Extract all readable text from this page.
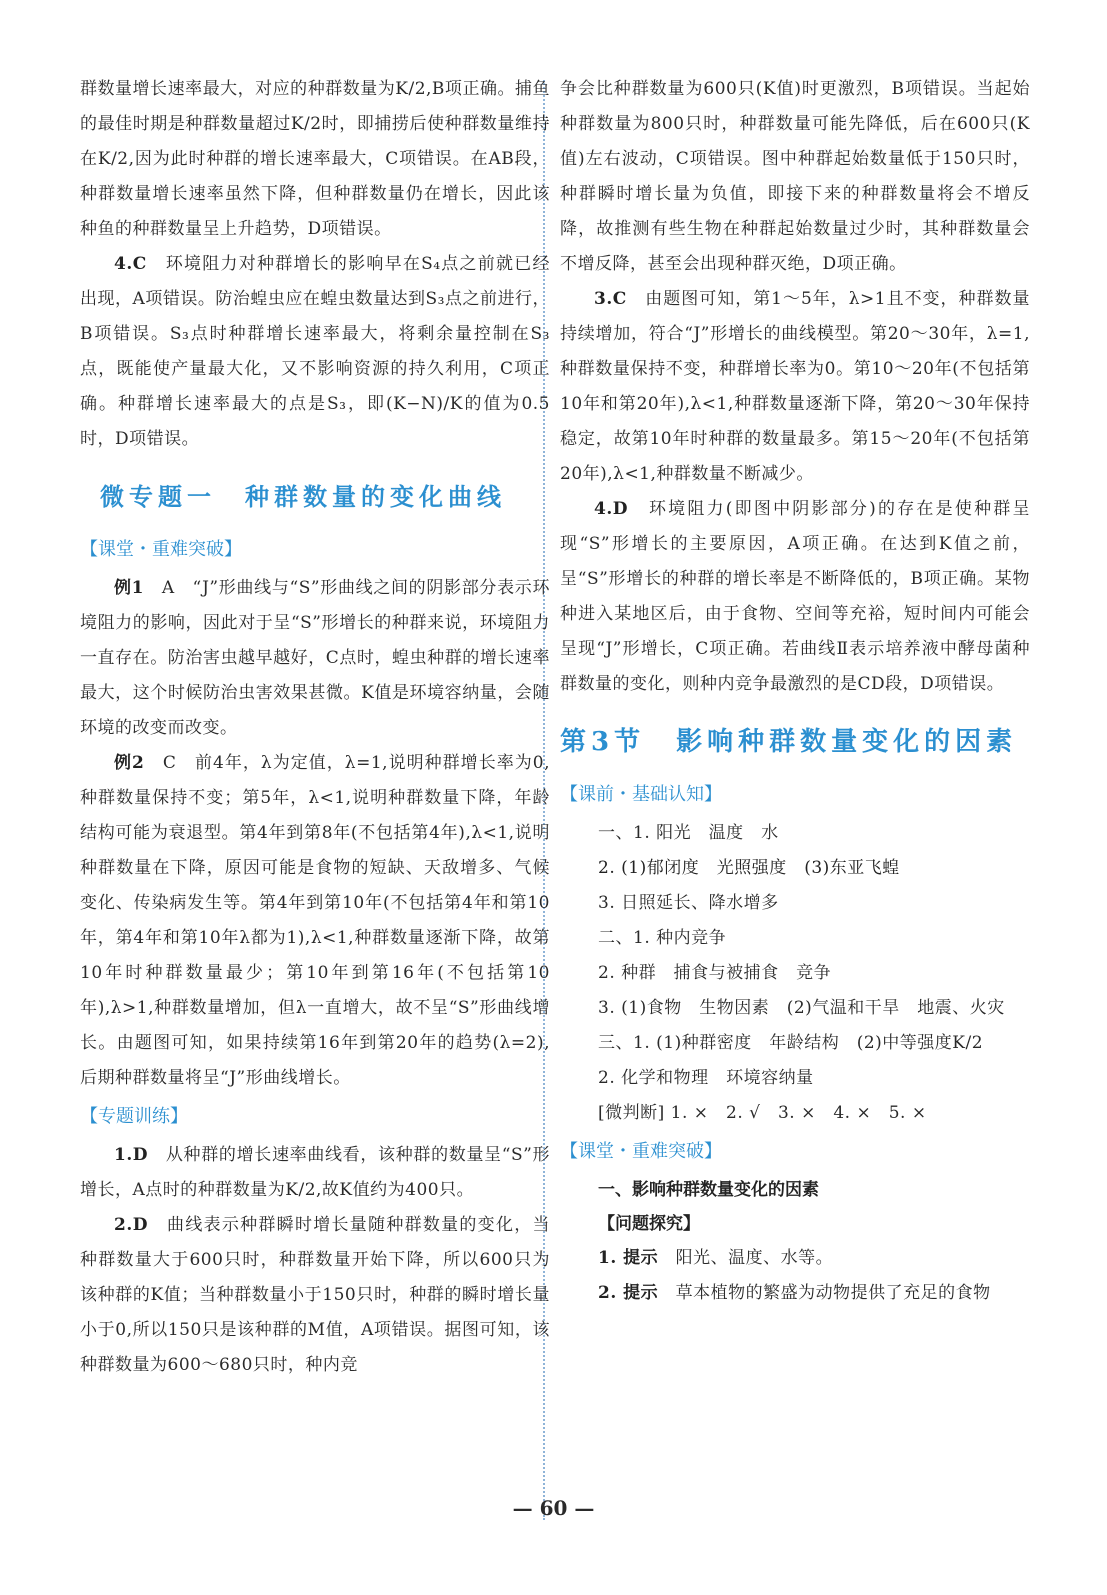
群数量增长速率最大，对应的种群数量为K/2,B项正确。捕鱼的最佳时期是种群数量超过K/2时，即捕捞后使种群数量维持在K/2,因为此时种群的增长速率最大，C项错误。在AB段，种群数量增长速率虽然下降，但种群数量仍在增长，因此该种鱼的种群数量呈上升趋势，D项错误。

4.C　 环境阻力对种群增长的影响早在S₄点之前就已经出现，A项错误。防治蝗虫应在蝗虫数量达到S₃点之前进行，B项错误。S₃点时种群增长速率最大，将剩余量控制在S₃点，既能使产量最大化，又不影响资源的持久利用，C项正确。种群增长速率最大的点是S₃，即(K−N)/K的值为0.5时，D项错误。

微专题一　种群数量的变化曲线
【课堂・重难突破】

例1　 A　“J”形曲线与“S”形曲线之间的阴影部分表示环境阻力的影响，因此对于呈“S”形增长的种群来说，环境阻力一直存在。防治害虫越早越好，C点时，蝗虫种群的增长速率最大，这个时候防治虫害效果甚微。K值是环境容纳量，会随环境的改变而改变。

例2　 C　前4年，λ为定值，λ=1,说明种群增长率为0,种群数量保持不变；第5年，λ<1,说明种群数量下降，年龄结构可能为衰退型。第4年到第8年(不包括第4年),λ<1,说明种群数量在下降，原因可能是食物的短缺、天敌增多、气候变化、传染病发生等。第4年到第10年(不包括第4年和第10年，第4年和第10年λ都为1),λ<1,种群数量逐渐下降，故第10年时种群数量最少；第10年到第16年(不包括第10年),λ>1,种群数量增加，但λ一直增大，故不呈“S”形曲线增长。由题图可知，如果持续第16年到第20年的趋势(λ=2),后期种群数量将呈“J”形曲线增长。

【专题训练】

1.D　 从种群的增长速率曲线看，该种群的数量呈“S”形增长，A点时的种群数量为K/2,故K值约为400只。

2.D　 曲线表示种群瞬时增长量随种群数量的变化，当种群数量大于600只时，种群数量开始下降，所以600只为该种群的K值；当种群数量小于150只时，种群的瞬时增长量小于0,所以150只是该种群的M值，A项错误。据图可知，该种群数量为600～680只时，种内竞

争会比种群数量为600只(K值)时更激烈，B项错误。当起始种群数量为800只时，种群数量可能先降低，后在600只(K值)左右波动，C项错误。图中种群起始数量低于150只时，种群瞬时增长量为负值，即接下来的种群数量将会不增反降，故推测有些生物在种群起始数量过少时，其种群数量会不增反降，甚至会出现种群灭绝，D项正确。

3.C　 由题图可知，第1～5年，λ>1且不变，种群数量持续增加，符合“J”形增长的曲线模型。第20～30年，λ=1,种群数量保持不变，种群增长率为0。第10～20年(不包括第10年和第20年),λ<1,种群数量逐渐下降，第20～30年保持稳定，故第10年时种群的数量最多。第15～20年(不包括第20年),λ<1,种群数量不断减少。

4.D　 环境阻力(即图中阴影部分)的存在是使种群呈现“S”形增长的主要原因，A项正确。在达到K值之前，呈“S”形增长的种群的增长率是不断降低的，B项正确。某物种进入某地区后，由于食物、空间等充裕，短时间内可能会呈现“J”形增长，C项正确。若曲线Ⅱ表示培养液中酵母菌种群数量的变化，则种内竞争最激烈的是CD段，D项错误。

第3节　影响种群数量变化的因素
【课前・基础认知】

一、1. 阳光　温度　水

2. (1)郁闭度　光照强度　(3)东亚飞蝗

3. 日照延长、降水增多

二、1. 种内竞争

2. 种群　捕食与被捕食　竞争

3. (1)食物　生物因素　(2)气温和干旱　地震、火灾

三、1. (1)种群密度　年龄结构　(2)中等强度K/2

2. 化学和物理　环境容纳量

[微判断] 1. ×　2. √　3. ×　4. ×　5. ×

【课堂・重难突破】
一、影响种群数量变化的因素
【问题探究】

1. 提示　 阳光、温度、水等。

2. 提示　 草本植物的繁盛为动物提供了充足的食物

— 60 —
